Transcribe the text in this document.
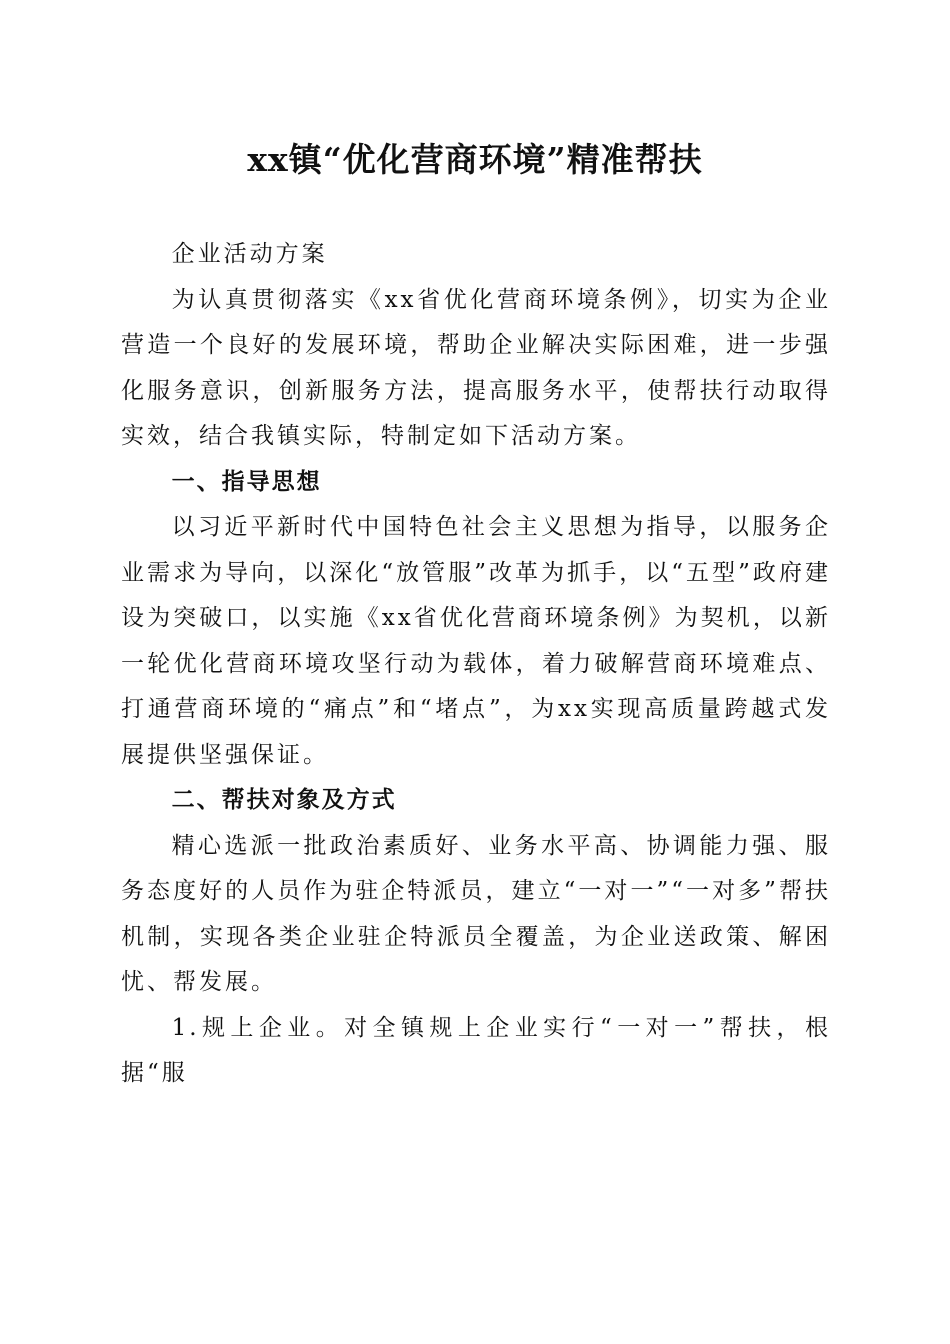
xx镇“优化营商环境”精准帮扶

企业活动方案

为认真贯彻落实《xx省优化营商环境条例》，切实为企业营造一个良好的发展环境，帮助企业解决实际困难，进一步强化服务意识，创新服务方法，提高服务水平，使帮扶行动取得实效，结合我镇实际，特制定如下活动方案。

一、指导思想

以习近平新时代中国特色社会主义思想为指导，以服务企业需求为导向，以深化“放管服”改革为抓手，以“五型”政府建设为突破口，以实施《xx省优化营商环境条例》为契机，以新一轮优化营商环境攻坚行动为载体，着力破解营商环境难点、打通营商环境的“痛点”和“堵点”，为xx实现高质量跨越式发展提供坚强保证。

二、帮扶对象及方式

精心选派一批政治素质好、业务水平高、协调能力强、服务态度好的人员作为驻企特派员，建立“一对一”“一对多”帮扶机制，实现各类企业驻企特派员全覆盖，为企业送政策、解困忧、帮发展。

1.规上企业。对全镇规上企业实行“一对一”帮扶，根据“服
